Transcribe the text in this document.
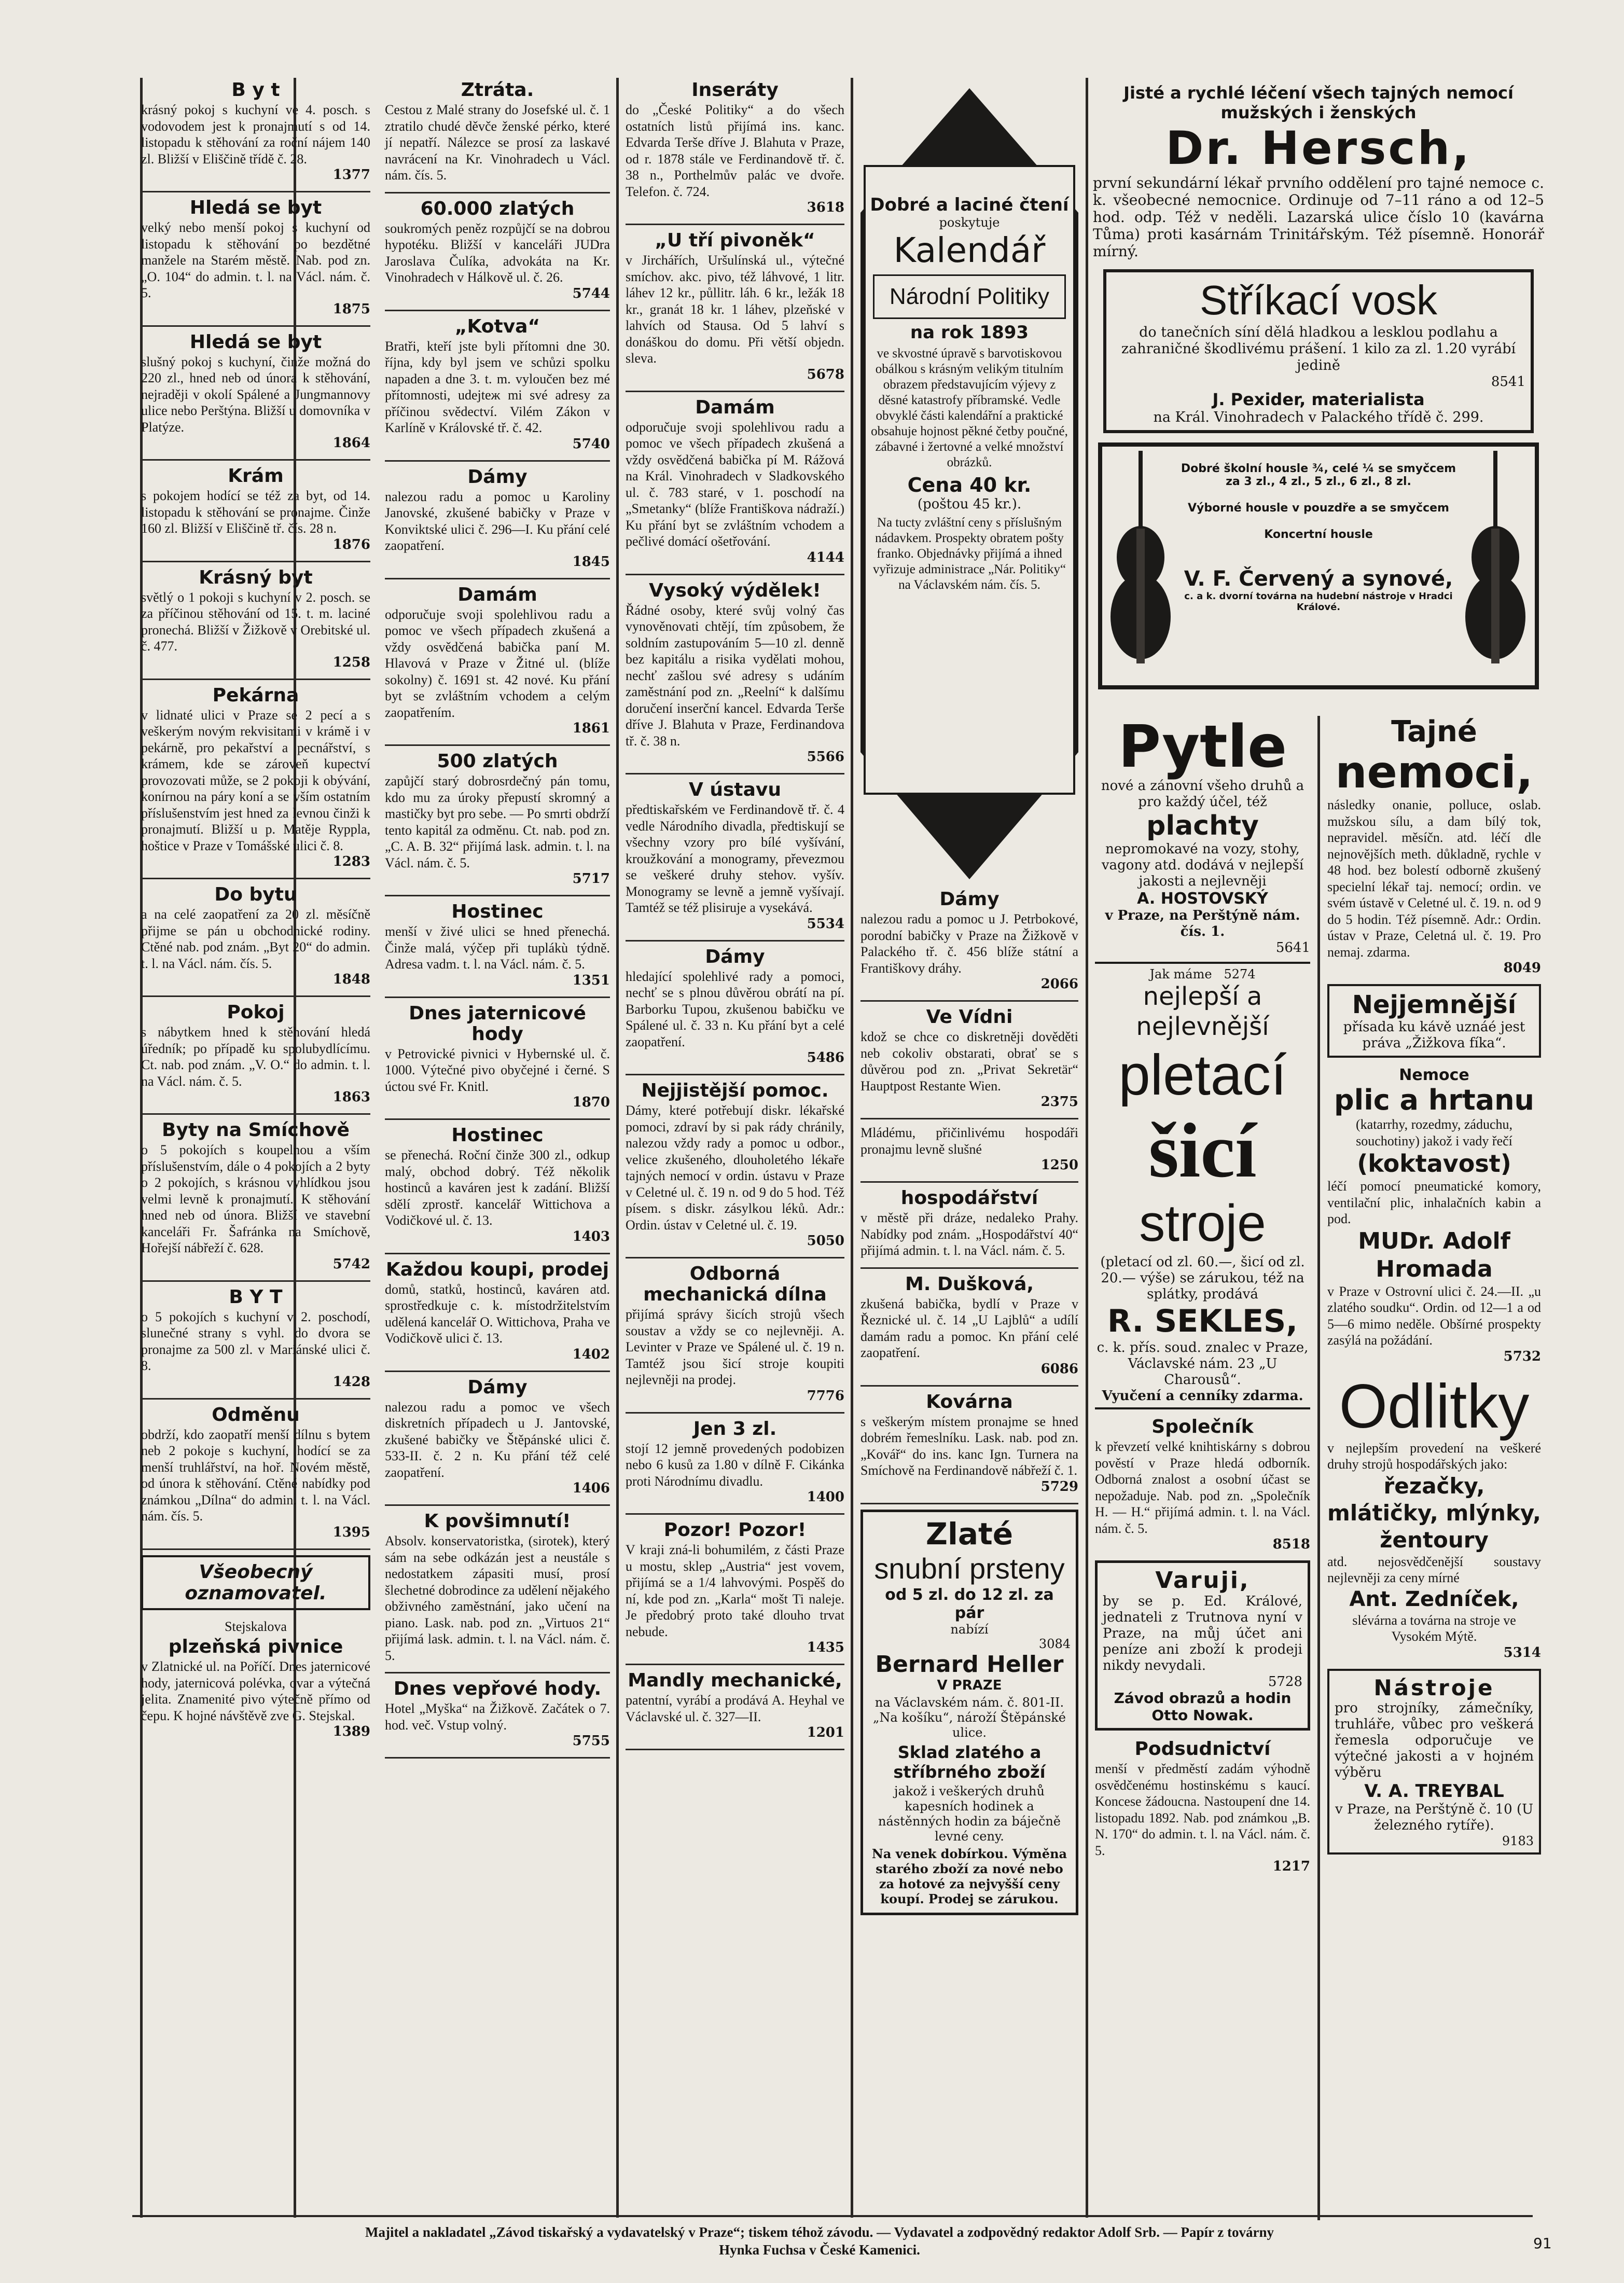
B y t

krásný pokoj s kuchyní ve 4. posch. s vodovodem jest k pronajmutí s od 14. listopadu k stěhování za roční nájem 140 zl. Bližší v Eliščině třídě č. 28.

1377
Hledá se byt

velký nebo menší pokoj s kuchyní od listopadu k stěhování po bezdětné manžele na Starém městě. Nab. pod zn. „O. 104“ do admin. t. l. na Václ. nám. č. 5.

1875
Hledá se byt

slušný pokoj s kuchyní, činže možná do 220 zl., hned neb od února k stěhování, nejraději v okolí Spálené a Jungmannovy ulice nebo Perštýna. Bližší u domovníka v Platýze.

1864
Krám

s pokojem hodící se též za byt, od 14. listopadu k stěhování se pronajme. Činže 160 zl. Bližší v Eliščině tř. čís. 28 n.

1876
Krásný byt

světlý o 1 pokoji s kuchyní v 2. posch. se za příčinou stěhování od 15. t. m. laciné pronechá. Bližší v Žižkově v Orebitské ul. č. 477.

1258
Pekárna

v lidnaté ulici v Praze se 2 pecí a s veškerým novým rekvisitami v krámě i v pekárně, pro pekařství a pecnářství, s krámem, kde se zároveň kupectví provozovati může, se 2 pokoji k obývání, konírnou na páry koní a se vším ostatním příslušenstvím jest hned za levnou činži k pronajmutí. Bližší u p. Matěje Ryppla, hoštice v Praze v Tomášské ulici č. 8.

1283
Do bytu

a na celé zaopatření za 20 zl. měsíčně přijme se pán u obchodnické rodiny. Ctěné nab. pod znám. „Byt 20“ do admin. t. l. na Václ. nám. čís. 5.

1848
Pokoj

s nábytkem hned k stěhování hledá úředník; po případě ku spolubydlícímu. Ct. nab. pod znám. „V. O.“ do admin. t. l. na Václ. nám. č. 5.

1863
Byty na Smíchově

o 5 pokojích s koupelnou a vším příslušenstvím, dále o 4 pokojích a 2 byty o 2 pokojích, s krásnou vyhlídkou jsou velmi levně k pronajmutí. K stěhování hned neb od února. Bližší ve stavební kanceláři Fr. Šafránka na Smíchově, Hořejší nábřeží č. 628.

5742
B Y T

o 5 pokojích s kuchyní v 2. poschodí, slunečné strany s vyhl. do dvora se pronajme za 500 zl. v Mariánské ulici č. 8.

1428
Odměnu

obdrží, kdo zaopatří menší dílnu s bytem neb 2 pokoje s kuchyní, hodící se za menší truhlářství, na hoř. Novém městě, od února k stěhování. Ctěné nabídky pod známkou „Dílna“ do admin. t. l. na Václ. nám. čís. 5.

1395
Všeobecný oznamovatel.

Stejskalova

plzeňská pivnice

v Zlatnické ul. na Poříčí. Dnes jaternicové hody, jaternicová polévka, ovar a výtečná jelita. Znamenité pivo výtečně přímo od čepu. K hojné návštěvě zve G. Stejskal.

1389
Ztráta.

Cestou z Malé strany do Josefské ul. č. 1 ztratilo chudé děvče ženské pérko, které jí nepatří. Nálezce se prosí za laskavé navrácení na Kr. Vinohradech u Václ. nám. čís. 5.

60.000 zlatých

soukromých peněz rozpůjčí se na dobrou hypotéku. Bližší v kanceláři JUDra Jaroslava Čulíka, advokáta na Kr. Vinohradech v Hálkově ul. č. 26.

5744
„Kotva“

Bratři, kteří jste byli přítomni dne 30. října, kdy byl jsem ve schůzi spolku napaden a dne 3. t. m. vyloučen bez mé přítomnosti, udejteж mi své adresy za příčinou svědectví. Vilém Zákon v Karlíně v Královské tř. č. 42.

5740
Dámy

nalezou radu a pomoc u Karoliny Janovské, zkušené babičky v Praze v Konviktské ulici č. 296—I. Ku přání celé zaopatření.

1845
Damám

odporučuje svoji spolehlivou radu a pomoc ve všech případech zkušená a vždy osvědčená babička paní M. Hlavová v Praze v Žitné ul. (blíže sokolny) č. 1691 st. 42 nové. Ku přání byt se zvláštním vchodem a celým zaopatřením.

1861
500 zlatých

zapůjčí starý dobrosrdečný pán tomu, kdo mu za úroky přepustí skromný a mastičky byt pro sebe. — Po smrti obdrží tento kapitál za odměnu. Ct. nab. pod zn. „C. A. B. 32“ přijímá lask. admin. t. l. na Václ. nám. č. 5.

5717
Hostinec

menší v živé ulici se hned přenechá. Činže malá, výčep při tuplákù týdně. Adresa vadm. t. l. na Václ. nám. č. 5.

1351
Dnes jaternicové hody

v Petrovické pivnici v Hybernské ul. č. 1000. Výtečné pivo obyčejné i černé. S úctou své Fr. Knitl.

1870
Hostinec

se přenechá. Roční činže 300 zl., odkup malý, obchod dobrý. Též několik hostinců a kaváren jest k zadání. Bližší sdělí zprostř. kancelář Wittichova a Vodičkové ul. č. 13.

1403
Každou koupi, prodej

domů, statků, hostinců, kaváren atd. sprostředkuje c. k. místodržitelstvím udělená kancelář O. Wittichova, Praha ve Vodičkově ulici č. 13.

1402
Dámy

nalezou radu a pomoc ve všech diskretních případech u J. Jantovské, zkušené babičky ve Štěpánské ulici č. 533-II. č. 2 n. Ku přání též celé zaopatření.

1406
K povšimnutí!

Absolv. konservatoristka, (sirotek), který sám na sebe odkázán jest a neustále s nedostatkem zápasiti musí, prosí šlechetné dobrodince za udělení nějakého obživného zaměstnání, jako učení na piano. Lask. nab. pod zn. „Virtuos 21“ přijímá lask. admin. t. l. na Václ. nám. č. 5.

Dnes vepřové hody.

Hotel „Myška“ na Žižkově. Začátek o 7. hod. več. Vstup volný.

5755
Inseráty

do „České Politiky“ a do všech ostatních listů přijímá ins. kanc. Edvarda Terše dříve J. Blahuta v Praze, od r. 1878 stále ve Ferdinandově tř. č. 38 n., Porthelmův palác ve dvoře. Telefon. č. 724.

3618
„U tří pivoněk“

v Jirchářích, Uršulínská ul., výtečné smíchov. akc. pivo, též láhvové, 1 litr. láhev 12 kr., půllitr. láh. 6 kr., ležák 18 kr., granát 18 kr. 1 láhev, plzeňské v lahvích od Stausa. Od 5 lahví s donáškou do domu. Při větší objedn. sleva.

5678
Damám

odporučuje svoji spolehlivou radu a pomoc ve všech případech zkušená a vždy osvědčená babička pí M. Rážová na Král. Vinohradech v Sladkovského ul. č. 783 staré, v 1. poschodí na „Smetanky“ (blíže Františkova nádraží.) Ku přání byt se zvláštním vchodem a pečlivé domácí ošetřování.

4144
Vysoký výdělek!

Řádné osoby, které svůj volný čas vynověnovati chtějí, tím způsobem, že soldním zastupováním 5—10 zl. denně bez kapitálu a risika vydělati mohou, nechť zašlou své adresy s udáním zaměstnání pod zn. „Reelní“ k dalšímu doručení inserční kancel. Edvarda Terše dříve J. Blahuta v Praze, Ferdinandova tř. č. 38 n.

5566
V ústavu

předtiskařském ve Ferdinandově tř. č. 4 vedle Národního divadla, předtiskují se všechny vzory pro bílé vyšívání, kroužkování a monogramy, převezmou se veškeré druhy stehov. vyšív. Monogramy se levně a jemně vyšívají. Tamtéž se též plisiruje a vysekává.

5534
Dámy

hledající spolehlivé rady a pomoci, nechť se s plnou důvěrou obrátí na pí. Barborku Tupou, zkušenou babičku ve Spálené ul. č. 33 n. Ku přání byt a celé zaopatření.

5486
Nejjistější pomoc.

Dámy, které potřebují diskr. lékařské pomoci, zdraví by si pak rády chránily, nalezou vždy rady a pomoc u odbor., velice zkušeného, dlouholetého lékaře tajných nemocí v ordin. ústavu v Praze v Celetné ul. č. 19 n. od 9 do 5 hod. Též písem. s diskr. zásylkou léků. Adr.: Ordin. ústav v Celetné ul. č. 19.

5050
Odborná mechanická dílna

přijímá správy šicích strojů všech soustav a vždy se co nejlevněji. A. Levinter v Praze ve Spálené ul. č. 19 n. Tamtéž jsou šicí stroje koupiti nejlevněji na prodej.

7776
Jen 3 zl.

stojí 12 jemně provedených podobizen nebo 6 kusů za 1.80 v dílně F. Cikánka proti Národnímu divadlu.

1400
Pozor! Pozor!

V kraji zná-li bohumilém, z části Praze u mostu, sklep „Austria“ jest vovem, přijímá se a 1/4 lahvovými. Pospěš do ní, kde pod zn. „Karla“ mošt Ti naleje. Je předobrý proto také dlouho trvat nebude.

1435
Mandly mechanické,

patentní, vyrábí a prodává A. Heyhal ve Václavské ul. č. 327—II.

1201
Dobré a laciné čtení
poskytuje
Kalendář
Národní Politiky
na rok 1893

ve skvostné úpravě s barvotiskovou obálkou s krásným velikým titulním obrazem představujícím výjevy z děsné katastrofy příbramské. Vedle obvyklé části kalendářní a praktické obsahuje hojnost pěkné četby poučné, zábavné i žertovné a velké množství obrázků.

Cena 40 kr.
(poštou 45 kr.).

Na tucty zvláštní ceny s příslušným nádavkem. Prospekty obratem pošty franko. Objednávky přijímá a ihned vyřizuje administrace „Nár. Politiky“ na Václavském nám. čís. 5.

Dámy

nalezou radu a pomoc u J. Petrbokové, porodní babičky v Praze na Žižkově v Palackého tř. č. 456 blíže státní a Františkovy dráhy.

2066
Ve Vídni

kdož se chce co diskretněji dověděti neb cokoliv obstarati, obrať se s důvěrou pod zn. „Privat Sekretär“ Hauptpost Restante Wien.

2375

Mládému, přičinlivému hospodáři pronajmu levně slušné

1250
hospodářství

v městě při dráze, nedaleko Prahy. Nabídky pod znám. „Hospodářství 40“ přijímá admin. t. l. na Václ. nám. č. 5.

M. Dušková,

zkušená babička, bydlí v Praze v Řeznické ul. č. 14 „U Lajblů“ a udílí damám radu a pomoc. Kn přání celé zaopatření.

6086
Kovárna

s veškerým místem pronajme se hned dobrém řemeslníku. Lask. nab. pod zn. „Kovář“ do ins. kanc Ign. Turnera na Smíchově na Ferdinandově nábřeží č. 1.

5729
Zlaté
snubní prsteny
od 5 zl. do 12 zl. za pár
nabízí
3084
Bernard Heller
V PRAZE

na Václavském nám. č. 801-II. „Na košíku“, nároží Štěpánské ulice.

Sklad zlatého a stříbrného zboží

jakož i veškerých druhů kapesních hodinek a nástěnných hodin za báječně levné ceny.

Na venek dobírkou. Výměna starého zboží za nové nebo za hotové za nejvyšší ceny koupí. Prodej se zárukou.

Jisté a rychlé léčení všech tajných nemocí mužských i ženských
Dr. Hersch,

první sekundární lékař prvního oddělení pro tajné nemoce c. k. všeobecné nemocnice. Ordinuje od 7–11 ráno a od 12–5 hod. odp. Též v neděli. Lazarská ulice číslo 10 (kavárna Tůma) proti kasárnám Trinitářským. Též písemně. Honorář mírný.

Stříkací vosk

do tanečních síní dělá hladkou a lesklou podlahu a zahraničné škodlivému prášení. 1 kilo za zl. 1.20 vyrábí jedině

8541
J. Pexider, materialista

na Král. Vinohradech v Palackého třídě č. 299.

Dobré školní housle ¾, celé ¼ se smyčcem
za 3 zl., 4 zl., 5 zl., 6 zl., 8 zl.
Výborné housle v pouzdře a se smyčcem
Koncertní housle
V. F. Červený a synové,
c. a k. dvorní továrna na hudební nástroje v Hradci Králové.
Pytle

nové a zánovní všeho druhů a pro každý účel, též

plachty

nepromokavé na vozy, stohy, vagony atd. dodává v nejlepší jakosti a nejlevněji

A. HOSTOVSKÝ

v Praze, na Perštýně nám. čís. 1.

5641
Jak máme 5274
nejlepší a nejlevnější
pletací
šicí
stroje

(pletací od zl. 60.—, šicí od zl. 20.— výše) se zárukou, též na splátky, prodává

R. SEKLES,

c. k. přís. soud. znalec v Praze, Václavské nám. 23 „U Charousů“.

Vyučení a cenníky zdarma.

Společník

k převzetí velké knihtiskárny s dobrou pověstí v Praze hledá odborník. Odborná znalost a osobní účast se nepožaduje. Nab. pod zn. „Společník H. — H.“ přijímá admin. t. l. na Václ. nám. č. 5.

8518
Varuji,

by se p. Ed. Králové, jednateli z Trutnova nyní v Praze, na můj účet ani peníze ani zboží k prodeji nikdy nevydali.

5728
Závod obrazů a hodin Otto Nowak.
Podsudnictví

menší v předměstí zadám výhodně osvědčenému hostinskému s kaucí. Koncese žádoucna. Nastoupení dne 14. listopadu 1892. Nab. pod známkou „B. N. 170“ do admin. t. l. na Václ. nám. č. 5.

1217
Tajné
nemoci,

následky onanie, polluce, oslab. mužskou sílu, a dam bílý tok, nepravidel. měsíčn. atd. léčí dle nejnovějších meth. důkladně, rychle v 48 hod. bez bolestí odborně zkušený specielní lékař taj. nemocí; ordin. ve svém ústavě v Celetné ul. č. 19. n. od 9 do 5 hodin. Též písemně. Adr.: Ordin. ústav v Praze, Celetná ul. č. 19. Pro nemaj. zdarma.

8049
Nejjemnější

přísada ku kávě uznáé jest práva „Žižkova fíka“.

Nemoce
plic a hrtanu

(katarrhy, rozedmy, záduchu, souchotiny) jakož i vady řečí

(koktavost)

léčí pomocí pneumatické komory, ventilační plic, inhalačních kabin a pod.

MUDr. Adolf Hromada

v Praze v Ostrovní ulici č. 24.—II. „u zlatého soudku“. Ordin. od 12—1 a od 5—6 mimo neděle. Obšírné prospekty zasýlá na požádání.

5732
Odlitky

v nejlepším provedení na veškeré druhy strojů hospodářských jako:

řezačky, mlátičky, mlýnky, žentoury

atd. nejosvědčenější soustavy nejlevněji za ceny mírné

Ant. Zedníček,

slévárna a továrna na stroje ve Vysokém Mýtě.

5314
Nástroje

pro strojníky, zámečníky, truhláře, vůbec pro veškerá řemesla odporučuje ve výtečné jakosti a v hojném výběru

V. A. TREYBAL

v Praze, na Perštýně č. 10 (U železného rytíře).

9183
Majitel a nakladatel „Závod tiskařský a vydavatelský v Praze“; tiskem téhož závodu. — Vydavatel a zodpovědný redaktor Adolf Srb. — Papír z továrny
Hynka Fuchsa v České Kamenici.	91
